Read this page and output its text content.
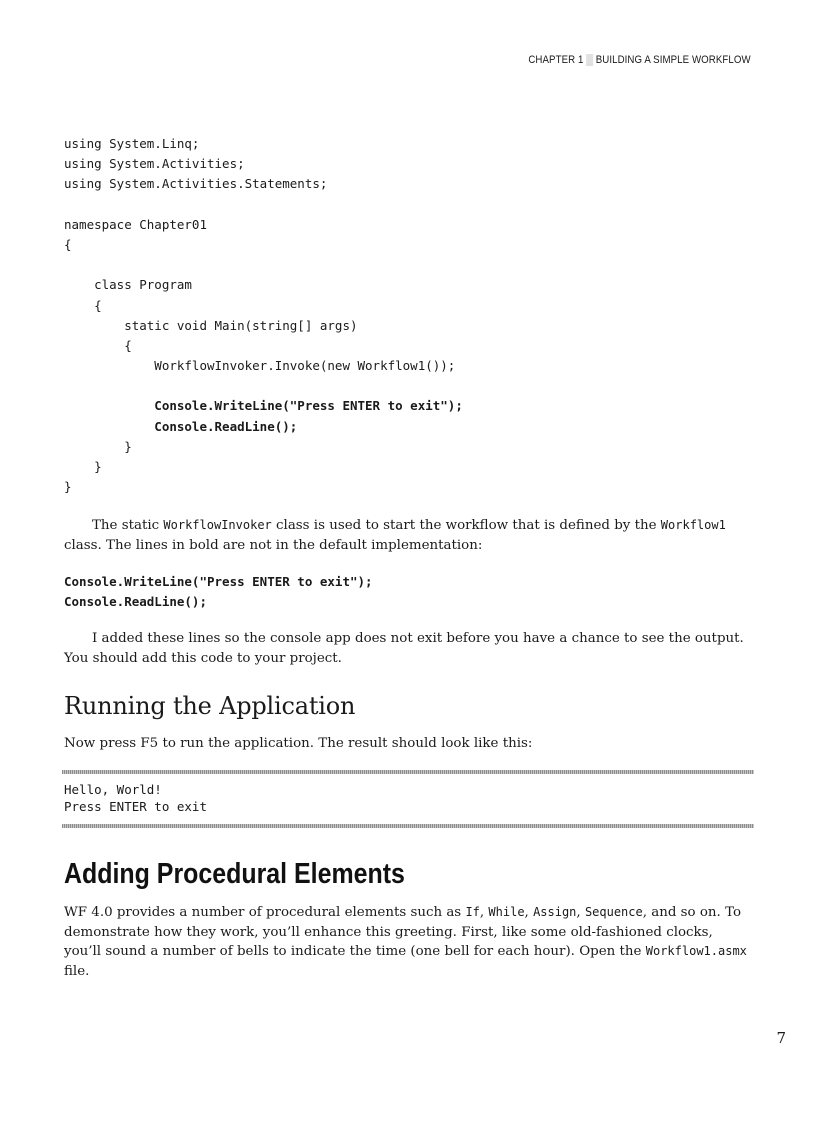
CHAPTER 1 ▒ BUILDING A SIMPLE WORKFLOW
using System.Linq;
using System.Activities;
using System.Activities.Statements;
namespace Chapter01
{
class Program
{
static void Main(string[] args)
{
WorkflowInvoker.Invoke(new Workflow1());
Console.WriteLine("Press ENTER to exit");
Console.ReadLine();
}
}
}

The static WorkflowInvoker class is used to start the workflow that is defined by the Workflow1 class. The lines in bold are not in the default implementation:

Console.WriteLine("Press ENTER to exit");
Console.ReadLine();

I added these lines so the console app does not exit before you have a chance to see the output. You should add this code to your project.

Running the Application

Now press F5 to run the application. The result should look like this:

Hello, World!
Press ENTER to exit
Adding Procedural Elements

WF 4.0 provides a number of procedural elements such as If, While, Assign, Sequence, and so on. To demonstrate how they work, you’ll enhance this greeting. First, like some old-fashioned clocks, you’ll sound a number of bells to indicate the time (one bell for each hour). Open the Workflow1.asmx file.

7
